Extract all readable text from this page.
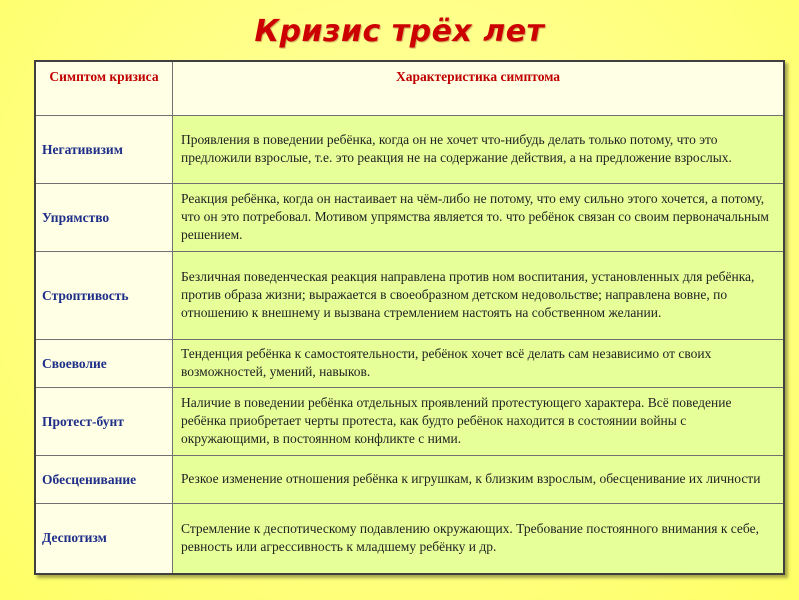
Кризис трёх лет
Симптом кризиса	Характеристика симптома
Негативизим	Проявления в поведении ребёнка, когда он не хочет что-нибудь делать только потому, что это предложили взрослые, т.е. это реакция не на содержание действия, а на предложение взрослых.
Упрямство	Реакция ребёнка, когда он настаивает на чём-либо не потому, что ему сильно этого хочется, а потому, что он это потребовал. Мотивом упрямства является то. что ребёнок связан со своим первоначальным решением.
Строптивость	Безличная поведенческая реакция направлена против ном воспитания, установленных для ребёнка, против образа жизни; выражается в своеобразном детском недовольстве; направлена вовне, по отношению к внешнему и вызвана стремлением настоять на собственном желании.
Своеволие	Тенденция ребёнка к самостоятельности, ребёнок хочет всё делать сам независимо от своих возможностей, умений, навыков.
Протест-бунт	Наличие в поведении ребёнка отдельных проявлений протестующего характера. Всё поведение ребёнка приобретает черты протеста, как будто ребёнок находится в состоянии войны с окружающими, в постоянном конфликте с ними.
Обесценивание	Резкое изменение отношения ребёнка к игрушкам, к близким взрослым, обесценивание их личности
Деспотизм	Стремление к деспотическому подавлению окружающих. Требование постоянного внимания к себе, ревность или агрессивность к младшему ребёнку и др.
